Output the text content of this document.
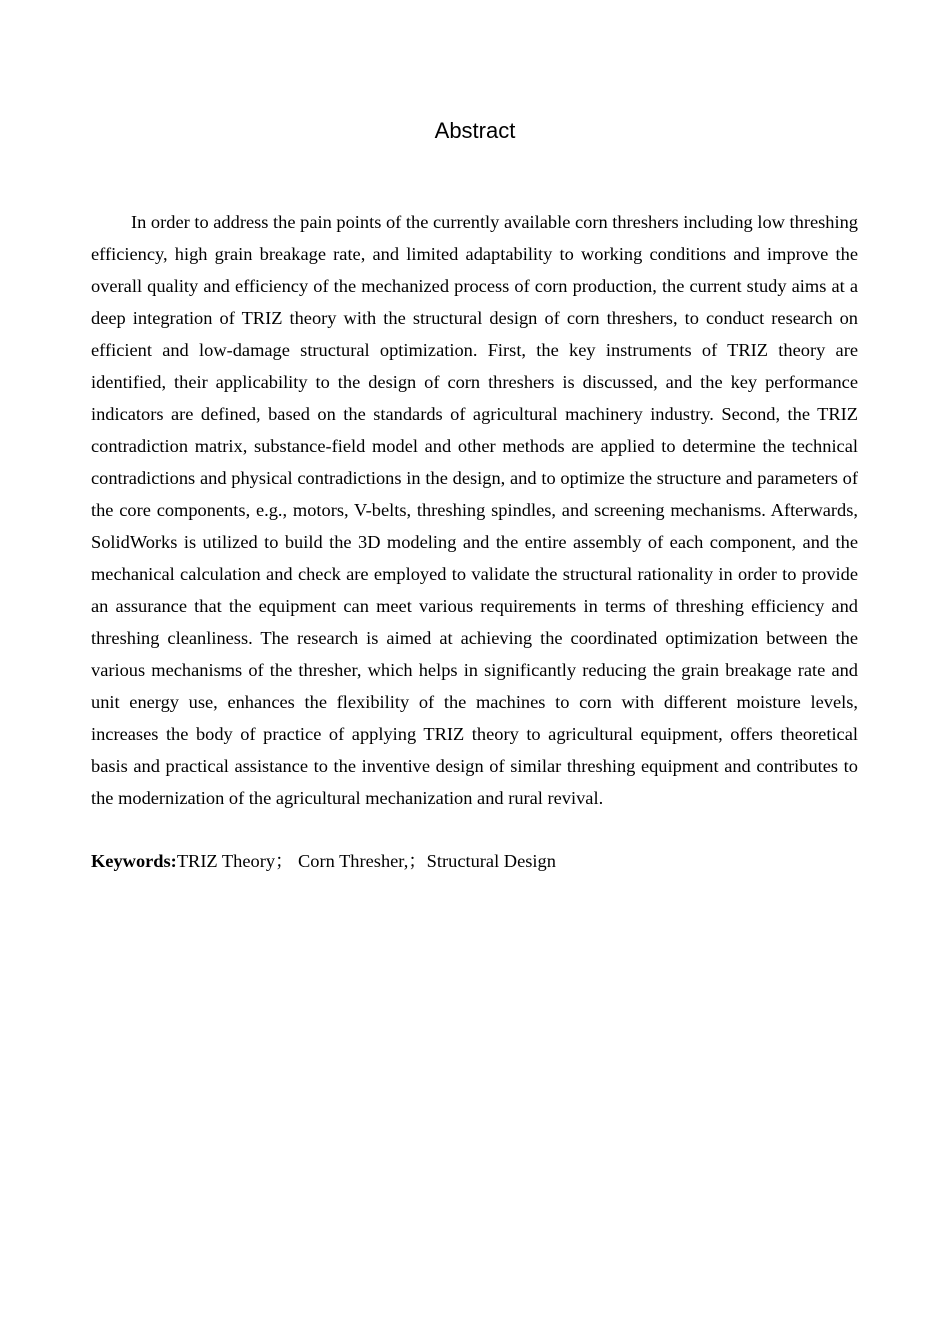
Abstract

In order to address the pain points of the currently available corn threshers including low threshing efficiency, high grain breakage rate, and limited adaptability to working conditions and improve the overall quality and efficiency of the mechanized process of corn production, the current study aims at a deep integration of TRIZ theory with the structural design of corn threshers, to conduct research on efficient and low-damage structural optimization. First, the key instruments of TRIZ theory are identified, their applicability to the design of corn threshers is discussed, and the key performance indicators are defined, based on the standards of agricultural machinery industry. Second, the TRIZ contradiction matrix, substance-field model and other methods are applied to determine the technical contradictions and physical contradictions in the design, and to optimize the structure and parameters of the core components, e.g., motors, V-belts, threshing spindles, and screening mechanisms. Afterwards, SolidWorks is utilized to build the 3D modeling and the entire assembly of each component, and the mechanical calculation and check are employed to validate the structural rationality in order to provide an assurance that the equipment can meet various requirements in terms of threshing efficiency and threshing cleanliness. The research is aimed at achieving the coordinated optimization between the various mechanisms of the thresher, which helps in significantly reducing the grain breakage rate and unit energy use, enhances the flexibility of the machines to corn with different moisture levels, increases the body of practice of applying TRIZ theory to agricultural equipment, offers theoretical basis and practical assistance to the inventive design of similar threshing equipment and contributes to the modernization of the agricultural mechanization and rural revival.

Keywords:TRIZ Theory； Corn Thresher,；Structural Design
